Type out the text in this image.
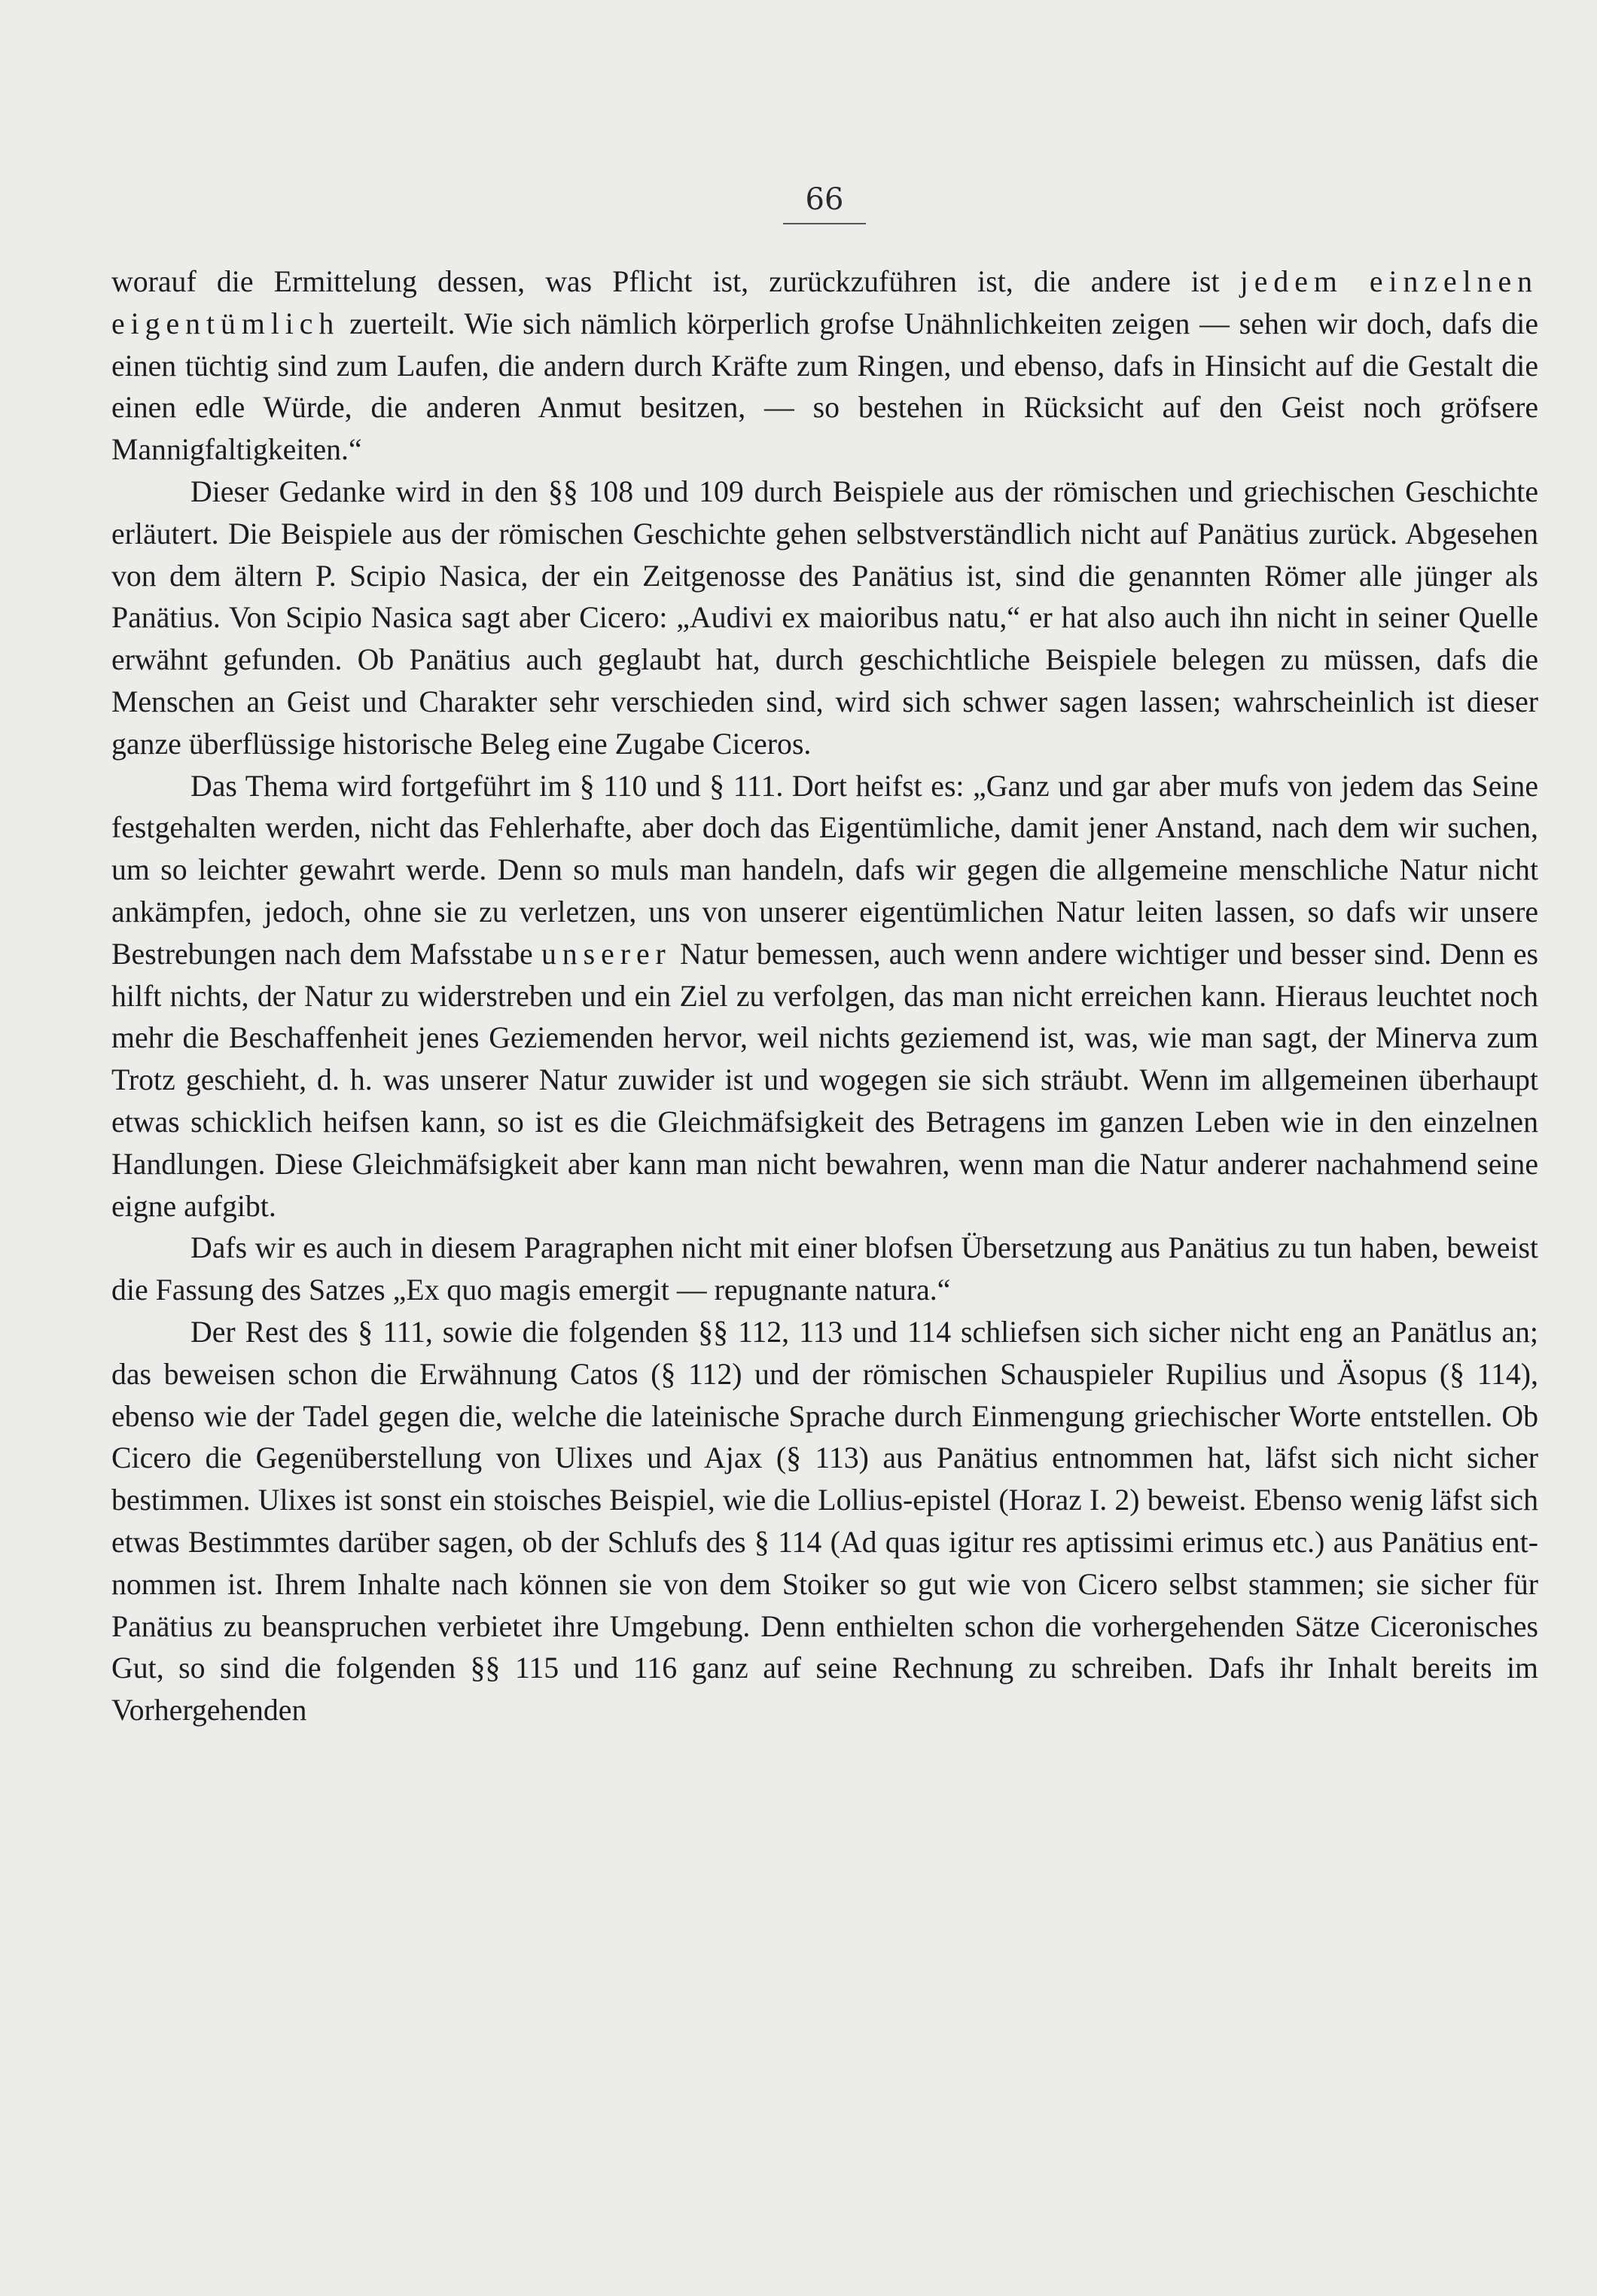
66

worauf die Ermittelung dessen, was Pflicht ist, zurückzuführen ist, die andere ist jedem einzelnen eigentümlich zuerteilt. Wie sich nämlich körperlich grofse Unähnlichkeiten zeigen — sehen wir doch, dafs die einen tüchtig sind zum Laufen, die andern durch Kräfte zum Ringen, und ebenso, dafs in Hinsicht auf die Gestalt die einen edle Würde, die anderen Anmut besitzen, — so bestehen in Rücksicht auf den Geist noch gröfsere Mannigfaltigkeiten.“

Dieser Gedanke wird in den §§ 108 und 109 durch Beispiele aus der römischen und griechischen Geschichte erläutert. Die Beispiele aus der römischen Geschichte gehen selbstverständlich nicht auf Panätius zurück. Abgesehen von dem ältern P. Scipio Nasica, der ein Zeitgenosse des Panätius ist, sind die genannten Römer alle jünger als Panätius. Von Scipio Nasica sagt aber Cicero: „Audivi ex maioribus natu,“ er hat also auch ihn nicht in seiner Quelle erwähnt gefunden. Ob Panätius auch geglaubt hat, durch geschichtliche Beispiele belegen zu müssen, dafs die Menschen an Geist und Charakter sehr verschieden sind, wird sich schwer sagen lassen; wahrscheinlich ist dieser ganze überflüssige historische Beleg eine Zugabe Ciceros.

Das Thema wird fortgeführt im § 110 und § 111. Dort heifst es: „Ganz und gar aber mufs von jedem das Seine festgehalten werden, nicht das Fehlerhafte, aber doch das Eigentümliche, damit jener Anstand, nach dem wir suchen, um so leichter gewahrt werde. Denn so muls man handeln, dafs wir gegen die allgemeine menschliche Natur nicht ankämpfen, jedoch, ohne sie zu verletzen, uns von unserer eigentümlichen Natur leiten lassen, so dafs wir unsere Bestrebungen nach dem Mafsstabe unserer Natur bemessen, auch wenn andere wichtiger und besser sind. Denn es hilft nichts, der Natur zu widerstreben und ein Ziel zu verfolgen, das man nicht erreichen kann. Hieraus leuchtet noch mehr die Beschaffenheit jenes Geziemenden hervor, weil nichts geziemend ist, was, wie man sagt, der Minerva zum Trotz geschieht, d. h. was unserer Natur zuwider ist und wogegen sie sich sträubt. Wenn im allgemeinen überhaupt etwas schicklich heifsen kann, so ist es die Gleichmäfsigkeit des Betragens im ganzen Leben wie in den einzelnen Handlungen. Diese Gleichmäfsigkeit aber kann man nicht bewahren, wenn man die Natur anderer nachahmend seine eigne aufgibt.

Dafs wir es auch in diesem Paragraphen nicht mit einer blofsen Übersetzung aus Panätius zu tun haben, beweist die Fassung des Satzes „Ex quo magis emergit — repugnante natura.“

Der Rest des § 111, sowie die folgenden §§ 112, 113 und 114 schliefsen sich sicher nicht eng an Panätlus an; das beweisen schon die Erwähnung Catos (§ 112) und der römischen Schauspieler Rupilius und Äsopus (§ 114), ebenso wie der Tadel gegen die, welche die lateinische Sprache durch Einmengung griechischer Worte entstellen. Ob Cicero die Gegenüberstellung von Ulixes und Ajax (§ 113) aus Panätius entnommen hat, läfst sich nicht sicher bestimmen. Ulixes ist sonst ein stoisches Beispiel, wie die Lollius-epistel (Horaz I. 2) beweist. Ebenso wenig läfst sich etwas Bestimmtes darüber sagen, ob der Schlufs des § 114 (Ad quas igitur res aptissimi erimus etc.) aus Panätius ent-nommen ist. Ihrem Inhalte nach können sie von dem Stoiker so gut wie von Cicero selbst stammen; sie sicher für Panätius zu beanspruchen verbietet ihre Umgebung. Denn enthielten schon die vorhergehenden Sätze Ciceronisches Gut, so sind die folgenden §§ 115 und 116 ganz auf seine Rechnung zu schreiben. Dafs ihr Inhalt bereits im Vorhergehenden
